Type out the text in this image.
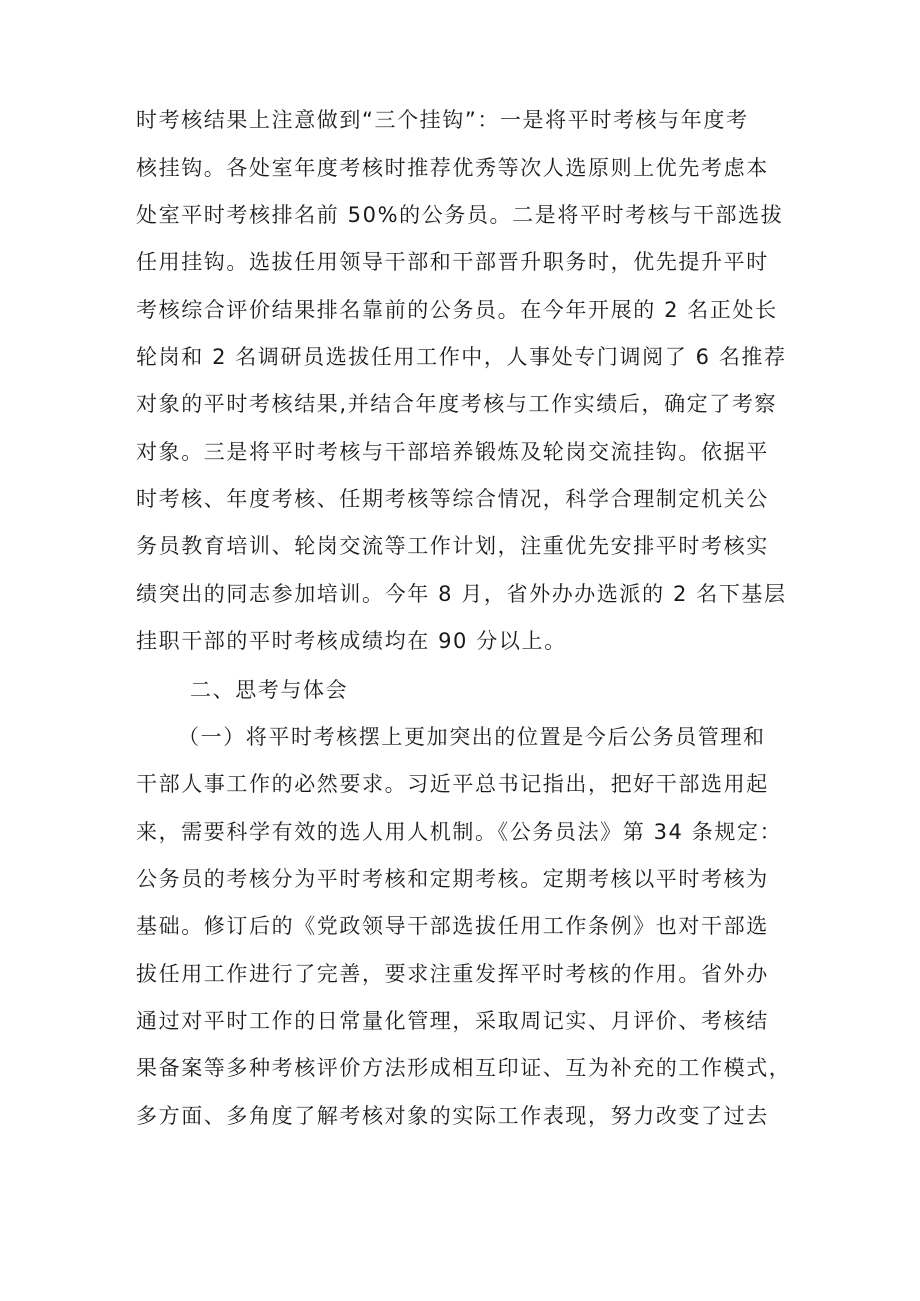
时考核结果上注意做到“三个挂钩”：一是将平时考核与年度考
核挂钩。各处室年度考核时推荐优秀等次人选原则上优先考虑本
处室平时考核排名前 50%的公务员。二是将平时考核与干部选拔
任用挂钩。选拔任用领导干部和干部晋升职务时，优先提升平时
考核综合评价结果排名靠前的公务员。在今年开展的 2 名正处长
轮岗和 2 名调研员选拔任用工作中，人事处专门调阅了 6 名推荐
对象的平时考核结果,并结合年度考核与工作实绩后，确定了考察
对象。三是将平时考核与干部培养锻炼及轮岗交流挂钩。依据平
时考核、年度考核、任期考核等综合情况，科学合理制定机关公
务员教育培训、轮岗交流等工作计划，注重优先安排平时考核实
绩突出的同志参加培训。今年 8 月，省外办办选派的 2 名下基层
挂职干部的平时考核成绩均在 90 分以上。
二、思考与体会
（一）将平时考核摆上更加突出的位置是今后公务员管理和
干部人事工作的必然要求。习近平总书记指出，把好干部选用起
来，需要科学有效的选人用人机制。《公务员法》第 34 条规定：
公务员的考核分为平时考核和定期考核。定期考核以平时考核为
基础。修订后的《党政领导干部选拔任用工作条例》也对干部选
拔任用工作进行了完善，要求注重发挥平时考核的作用。省外办
通过对平时工作的日常量化管理，采取周记实、月评价、考核结
果备案等多种考核评价方法形成相互印证、互为补充的工作模式，
多方面、多角度了解考核对象的实际工作表现，努力改变了过去
